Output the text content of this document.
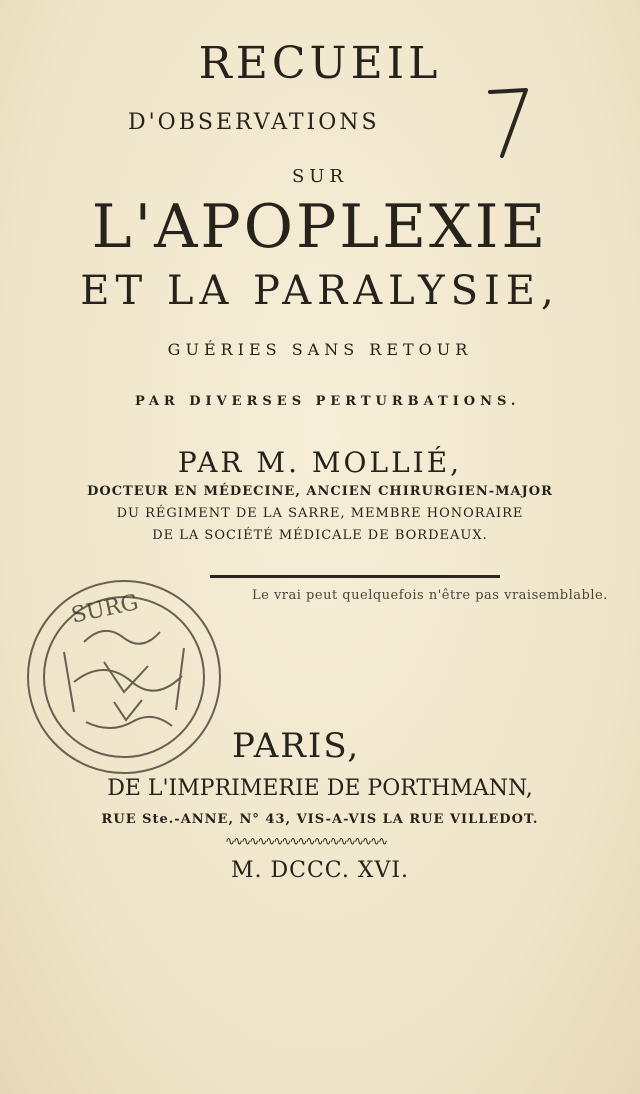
RECUEIL
D'OBSERVATIONS
SUR
L'APOPLEXIE
ET LA PARALYSIE,
GUÉRIES SANS RETOUR
PAR DIVERSES PERTURBATIONS.
PAR M. MOLLIÉ,
DOCTEUR EN MÉDECINE, ANCIEN CHIRURGIEN-MAJOR
DU RÉGIMENT DE LA SARRE, MEMBRE HONORAIRE
DE LA SOCIÉTÉ MÉDICALE DE BORDEAUX.
Le vrai peut quelquefois n'être pas vraisemblable.
SURG
PARIS,
DE L'IMPRIMERIE DE PORTHMANN,
RUE Ste.-ANNE, N° 43, VIS-A-VIS LA RUE VILLEDOT.
∿∿∿∿∿∿∿∿∿∿∿∿∿∿∿∿∿∿∿∿
M. DCCC. XVI.
